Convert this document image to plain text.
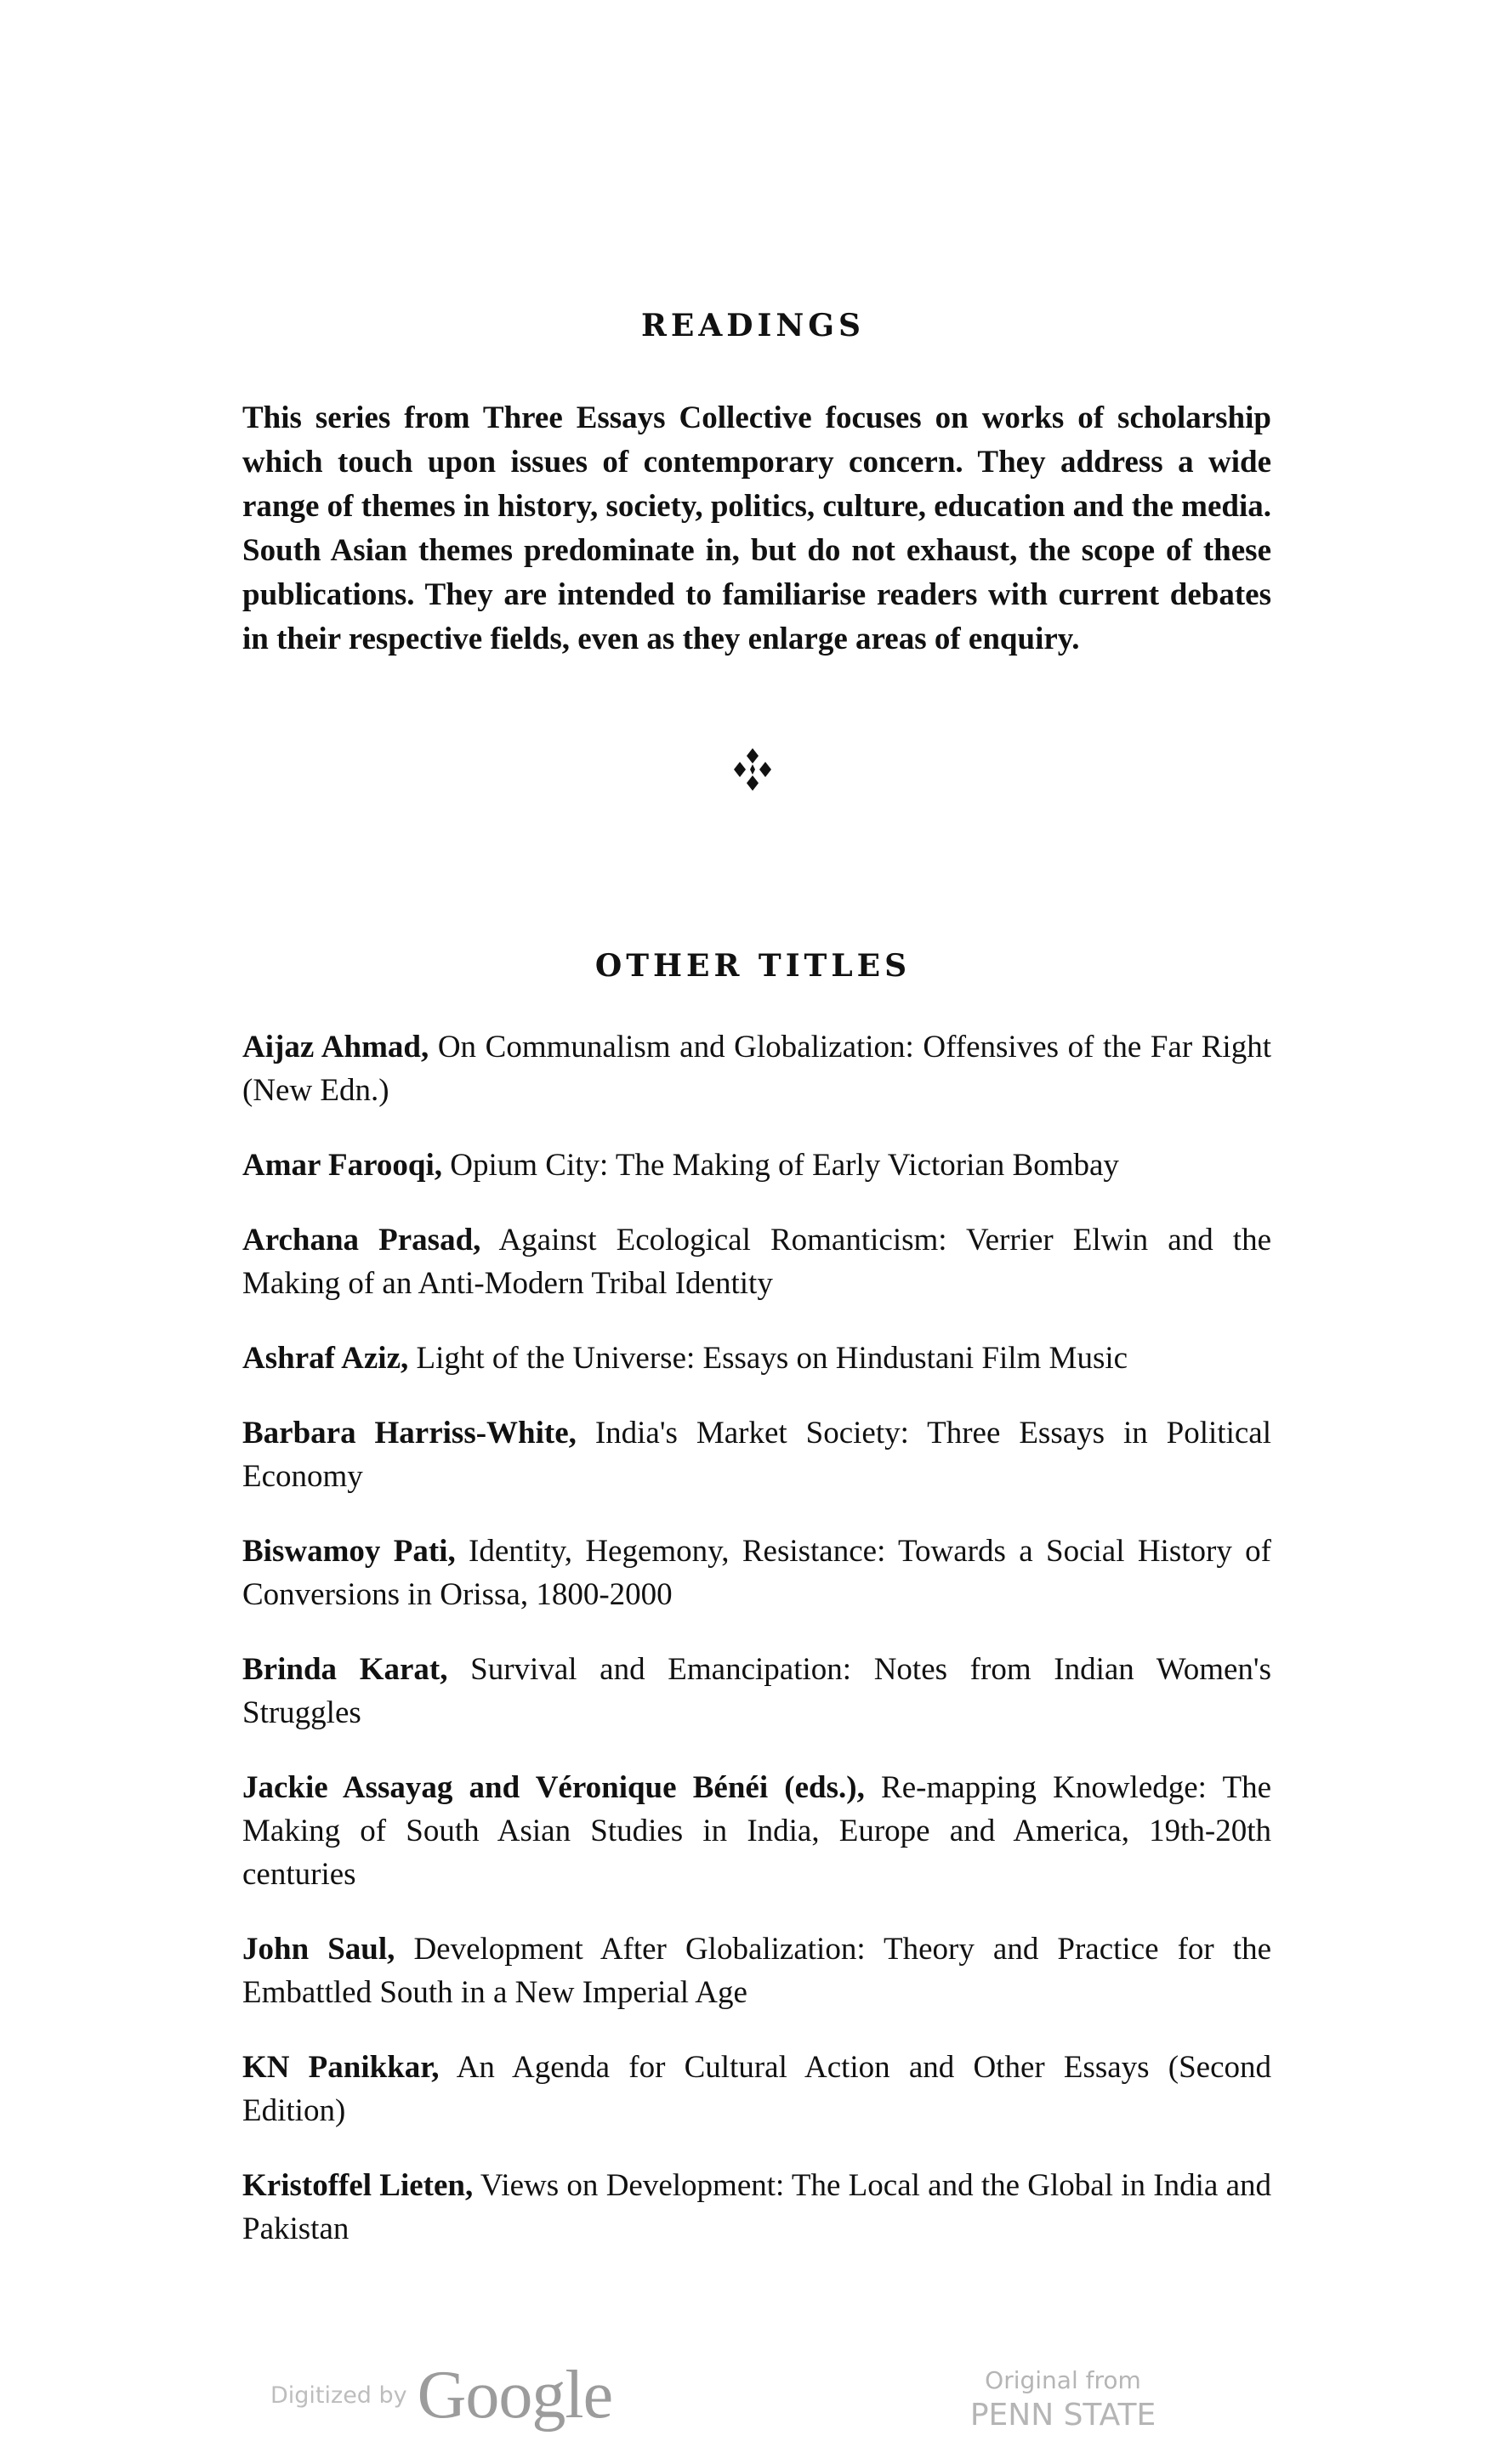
READINGS
This series from Three Essays Collective focuses on works of scholarship which touch upon issues of contemporary concern. They address a wide range of themes in history, society, politics, culture, education and the media. South Asian themes predominate in, but do not exhaust, the scope of these publications. They are intended to familiarise readers with current debates in their respective fields, even as they enlarge areas of enquiry.
OTHER TITLES
Aijaz Ahmad, On Communalism and Globalization: Offensives of the Far Right (New Edn.)
Amar Farooqi, Opium City: The Making of Early Victorian Bombay
Archana Prasad, Against Ecological Romanticism: Verrier Elwin and the Making of an Anti-Modern Tribal Identity
Ashraf Aziz, Light of the Universe: Essays on Hindustani Film Music
Barbara Harriss-White, India's Market Society: Three Essays in Political Economy
Biswamoy Pati, Identity, Hegemony, Resistance: Towards a Social History of Conversions in Orissa, 1800-2000
Brinda Karat, Survival and Emancipation: Notes from Indian Women's Struggles
Jackie Assayag and Véronique Bénéi (eds.), Re-mapping Knowledge: The Making of South Asian Studies in India, Europe and America, 19th-20th centuries
John Saul, Development After Globalization: Theory and Practice for the Embattled South in a New Imperial Age
KN Panikkar, An Agenda for Cultural Action and Other Essays (Second Edition)
Kristoffel Lieten, Views on Development: The Local and the Global in India and Pakistan
Digitized by Google	Original from
PENN STATE
